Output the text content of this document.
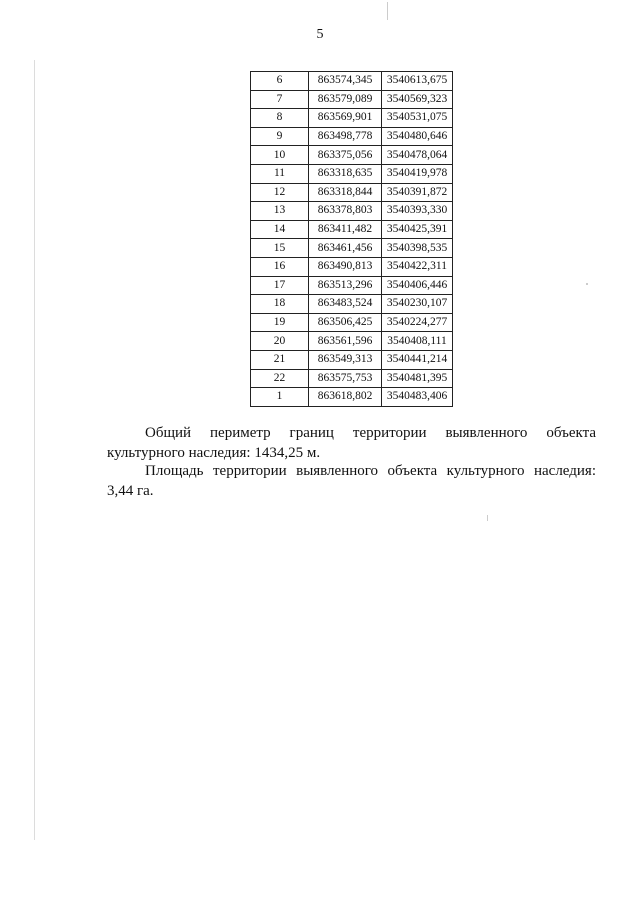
5
6	863574,345	3540613,675
7	863579,089	3540569,323
8	863569,901	3540531,075
9	863498,778	3540480,646
10	863375,056	3540478,064
11	863318,635	3540419,978
12	863318,844	3540391,872
13	863378,803	3540393,330
14	863411,482	3540425,391
15	863461,456	3540398,535
16	863490,813	3540422,311
17	863513,296	3540406,446
18	863483,524	3540230,107
19	863506,425	3540224,277
20	863561,596	3540408,111
21	863549,313	3540441,214
22	863575,753	3540481,395
1	863618,802	3540483,406

Общий периметр границ территории выявленного объекта культурного наследия: 1434,25 м.

Площадь территории выявленного объекта культурного наследия: 3,44 га.
